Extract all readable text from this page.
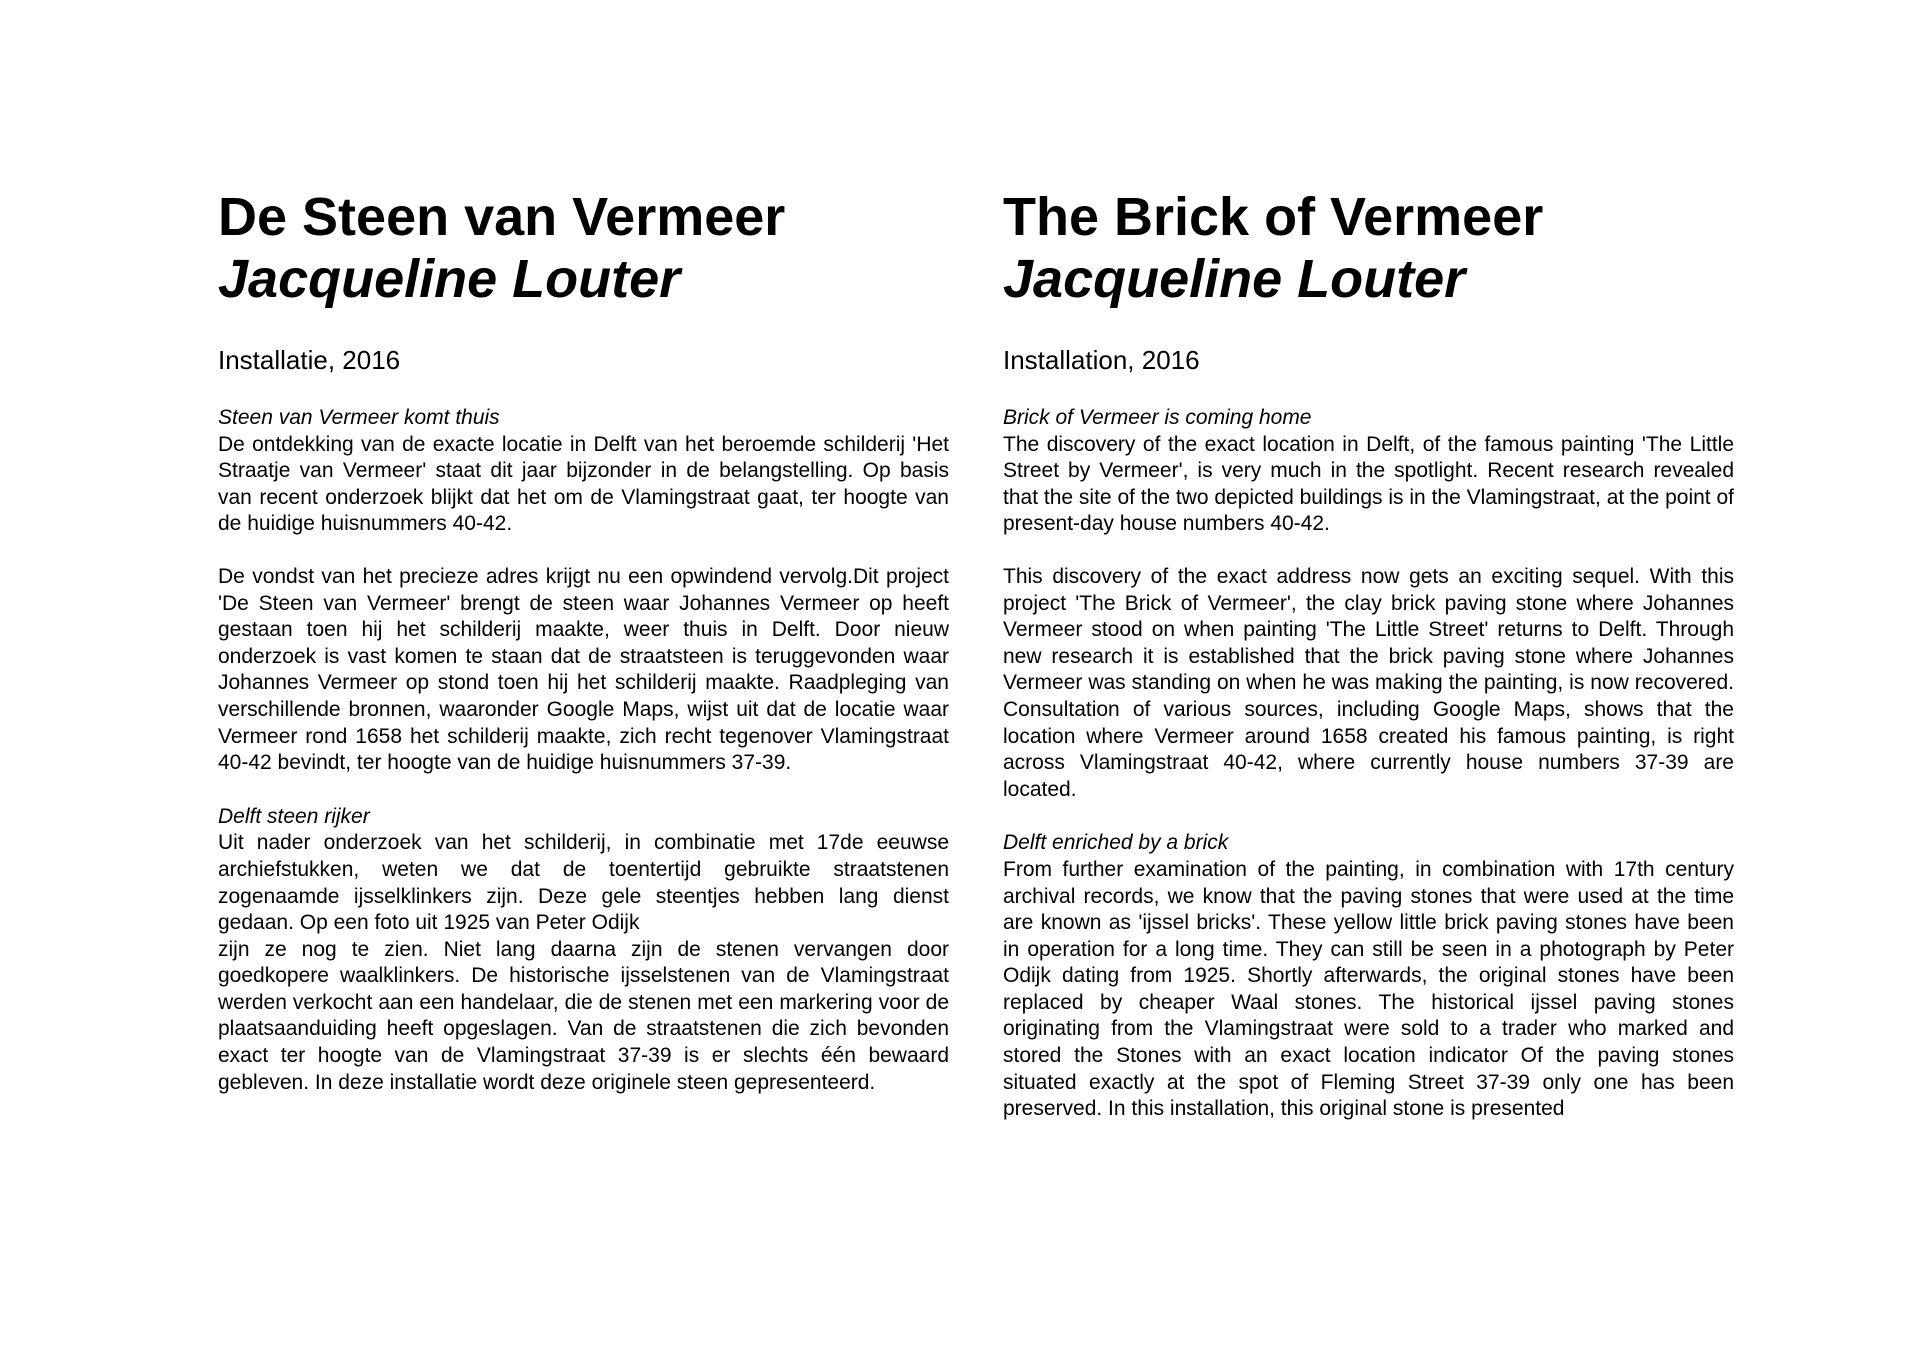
De Steen van Vermeer
Jacqueline Louter

Installatie, 2016

Steen van Vermeer komt thuis

De ontdekking van de exacte locatie in Delft van het beroemde schilderij 'Het Straatje van Vermeer' staat dit jaar bijzonder in de belangstelling. Op basis van recent onderzoek blijkt dat het om de Vlamingstraat gaat, ter hoogte van de huidige huisnummers 40-42.

De vondst van het precieze adres krijgt nu een opwindend vervolg.Dit project 'De Steen van Vermeer' brengt de steen waar Johannes Vermeer op heeft gestaan toen hij het schilderij maakte, weer thuis in Delft. Door nieuw onderzoek is vast komen te staan dat de straatsteen is teruggevonden waar Johannes Vermeer op stond toen hij het schilderij maakte. Raadpleging van verschillende bronnen, waaronder Google Maps, wijst uit dat de locatie waar Vermeer rond 1658 het schilderij maakte, zich recht tegenover Vlamingstraat 40-42 bevindt, ter hoogte van de huidige huisnummers 37-39.

Delft steen rijker

Uit nader onderzoek van het schilderij, in combinatie met 17de eeuwse archiefstukken, weten we dat de toentertijd gebruikte straatstenen zogenaamde ijsselklinkers zijn. Deze gele steentjes hebben lang dienst gedaan. Op een foto uit 1925 van Peter Odijk
zijn ze nog te zien. Niet lang daarna zijn de stenen vervangen door goedkopere waalklinkers. De historische ijsselstenen van de Vlamingstraat werden verkocht aan een handelaar, die de stenen met een markering voor de plaatsaanduiding heeft opgeslagen. Van de straatstenen die zich bevonden exact ter hoogte van de Vlamingstraat 37-39 is er slechts één bewaard gebleven. In deze installatie wordt deze originele steen gepresenteerd.

The Brick of Vermeer
Jacqueline Louter

Installation, 2016

Brick of Vermeer is coming home

The discovery of the exact location in Delft, of the famous painting 'The Little Street by Vermeer', is very much in the spotlight. Recent research revealed that the site of the two depicted buildings is in the Vlamingstraat, at the point of present-day house numbers 40-42.

This discovery of the exact address now gets an exciting sequel. With this project 'The Brick of Vermeer', the clay brick paving stone where Johannes Vermeer stood on when painting 'The Little Street' returns to Delft. Through new research it is established that the brick paving stone where Johannes Vermeer was standing on when he was making the painting, is now recovered. Consultation of various sources, including Google Maps, shows that the location where Vermeer around 1658 created his famous painting, is right across Vlamingstraat 40-42, where currently house numbers 37-39 are located.

Delft enriched by a brick

From further examination of the painting, in combination with 17th century archival records, we know that the paving stones that were used at the time are known as 'ijssel bricks'. These yellow little brick paving stones have been in operation for a long time. They can still be seen in a photograph by Peter Odijk dating from 1925. Shortly afterwards, the original stones have been replaced by cheaper Waal stones. The historical ijssel paving stones originating from the Vlamingstraat were sold to a trader who marked and stored the Stones with an exact location indicator Of the paving stones situated exactly at the spot of Fleming Street 37-39 only one has been preserved. In this installation, this original stone is presented
